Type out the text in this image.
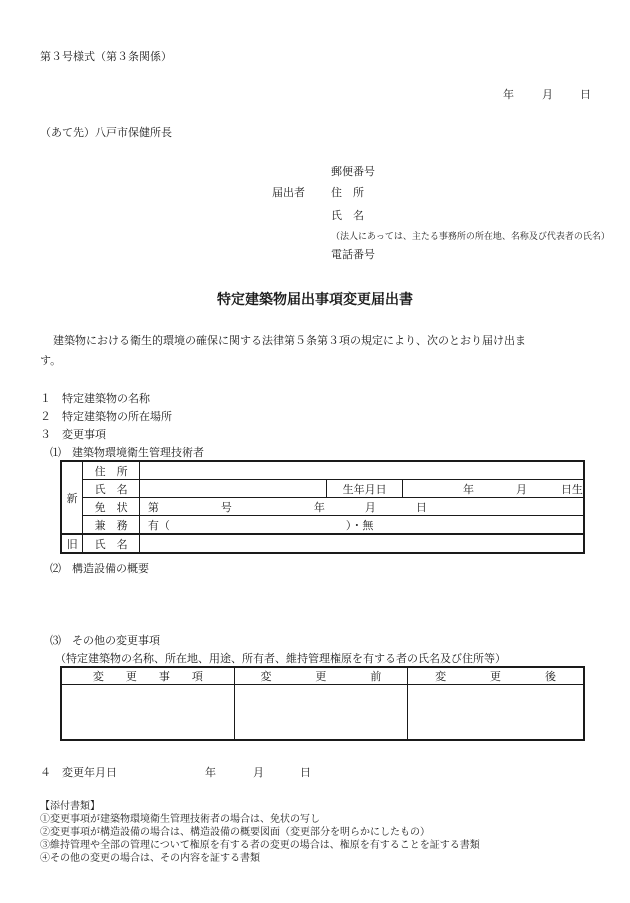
第３号様式（第３条関係）
年	月 日
（あて先）八戸市保健所長
郵便番号
届出者 住　所
氏　名
（法人にあっては、主たる事務所の所在地、名称及び代表者の氏名）
電話番号
特定建築物届出事項変更届出書
建築物における衛生的環境の確保に関する法律第５条第３項の規定により、次のとおり届け出ま
す。
１　特定建築物の名称
２　特定建築物の所在場所
３　変更事項
⑴　建築物環境衛生管理技術者
新	住　所			
	氏　名		生年月日	年 月 日生
	免　状	第 号 年 月 日		
	兼　務	有（　　　　　　　　　　　　　　　　）・無		
旧	氏　名			
⑵　構造設備の概要
⑶　その他の変更事項
（特定建築物の名称、所在地、用途、所有者、維持管理権原を有する者の氏名及び住所等）
変　　更　　事　　項	変　　　　更　　　　前	変　　　　更　　　　後

４　変更年月日	年	月	日
【添付書類】
①変更事項が建築物環境衛生管理技術者の場合は、免状の写し
②変更事項が構造設備の場合は、構造設備の概要図面（変更部分を明らかにしたもの）
③維持管理や全部の管理について権原を有する者の変更の場合は、権原を有することを証する書類
④その他の変更の場合は、その内容を証する書類
